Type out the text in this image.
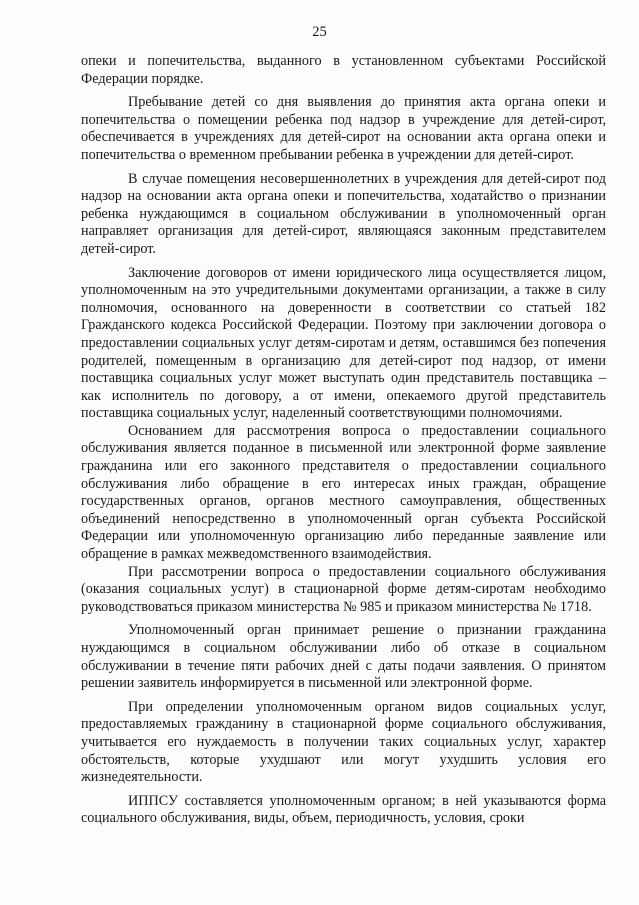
25

опеки и попечительства, выданного в установленном субъектами Российской Федерации порядке.

Пребывание детей со дня выявления до принятия акта органа опеки и попечительства о помещении ребенка под надзор в учреждение для детей-сирот, обеспечивается в учреждениях для детей-сирот на основании акта органа опеки и попечительства о временном пребывании ребенка в учреждении для детей-сирот.

В случае помещения несовершеннолетних в учреждения для детей-сирот под надзор на основании акта органа опеки и попечительства, ходатайство о признании ребенка нуждающимся в социальном обслуживании в уполномоченный орган направляет организация для детей-сирот, являющаяся законным представителем детей-сирот.

Заключение договоров от имени юридического лица осуществляется лицом, уполномоченным на это учредительными документами организации, а также в силу полномочия, основанного на доверенности в соответствии со статьей 182 Гражданского кодекса Российской Федерации. Поэтому при заключении договора о предоставлении социальных услуг детям-сиротам и детям, оставшимся без попечения родителей, помещенным в организацию для детей-сирот под надзор, от имени поставщика социальных услуг может выступать один представитель поставщика – как исполнитель по договору, а от имени, опекаемого другой представитель поставщика социальных услуг, наделенный соответствующими полномочиями.

Основанием для рассмотрения вопроса о предоставлении социального обслуживания является поданное в письменной или электронной форме заявление гражданина или его законного представителя о предоставлении социального обслуживания либо обращение в его интересах иных граждан, обращение государственных органов, органов местного самоуправления, общественных объединений непосредственно в уполномоченный орган субъекта Российской Федерации или уполномоченную организацию либо переданные заявление или обращение в рамках межведомственного взаимодействия.

При рассмотрении вопроса о предоставлении социального обслуживания (оказания социальных услуг) в стационарной форме детям-сиротам необходимо руководствоваться приказом министерства № 985 и приказом министерства № 1718.

Уполномоченный орган принимает решение о признании гражданина нуждающимся в социальном обслуживании либо об отказе в социальном обслуживании в течение пяти рабочих дней с даты подачи заявления. О принятом решении заявитель информируется в письменной или электронной форме.

При определении уполномоченным органом видов социальных услуг, предоставляемых гражданину в стационарной форме социального обслуживания, учитывается его нуждаемость в получении таких социальных услуг, характер обстоятельств, которые ухудшают или могут ухудшить условия его жизнедеятельности.

ИППСУ составляется уполномоченным органом; в ней указываются форма социального обслуживания, виды, объем, периодичность, условия, сроки
